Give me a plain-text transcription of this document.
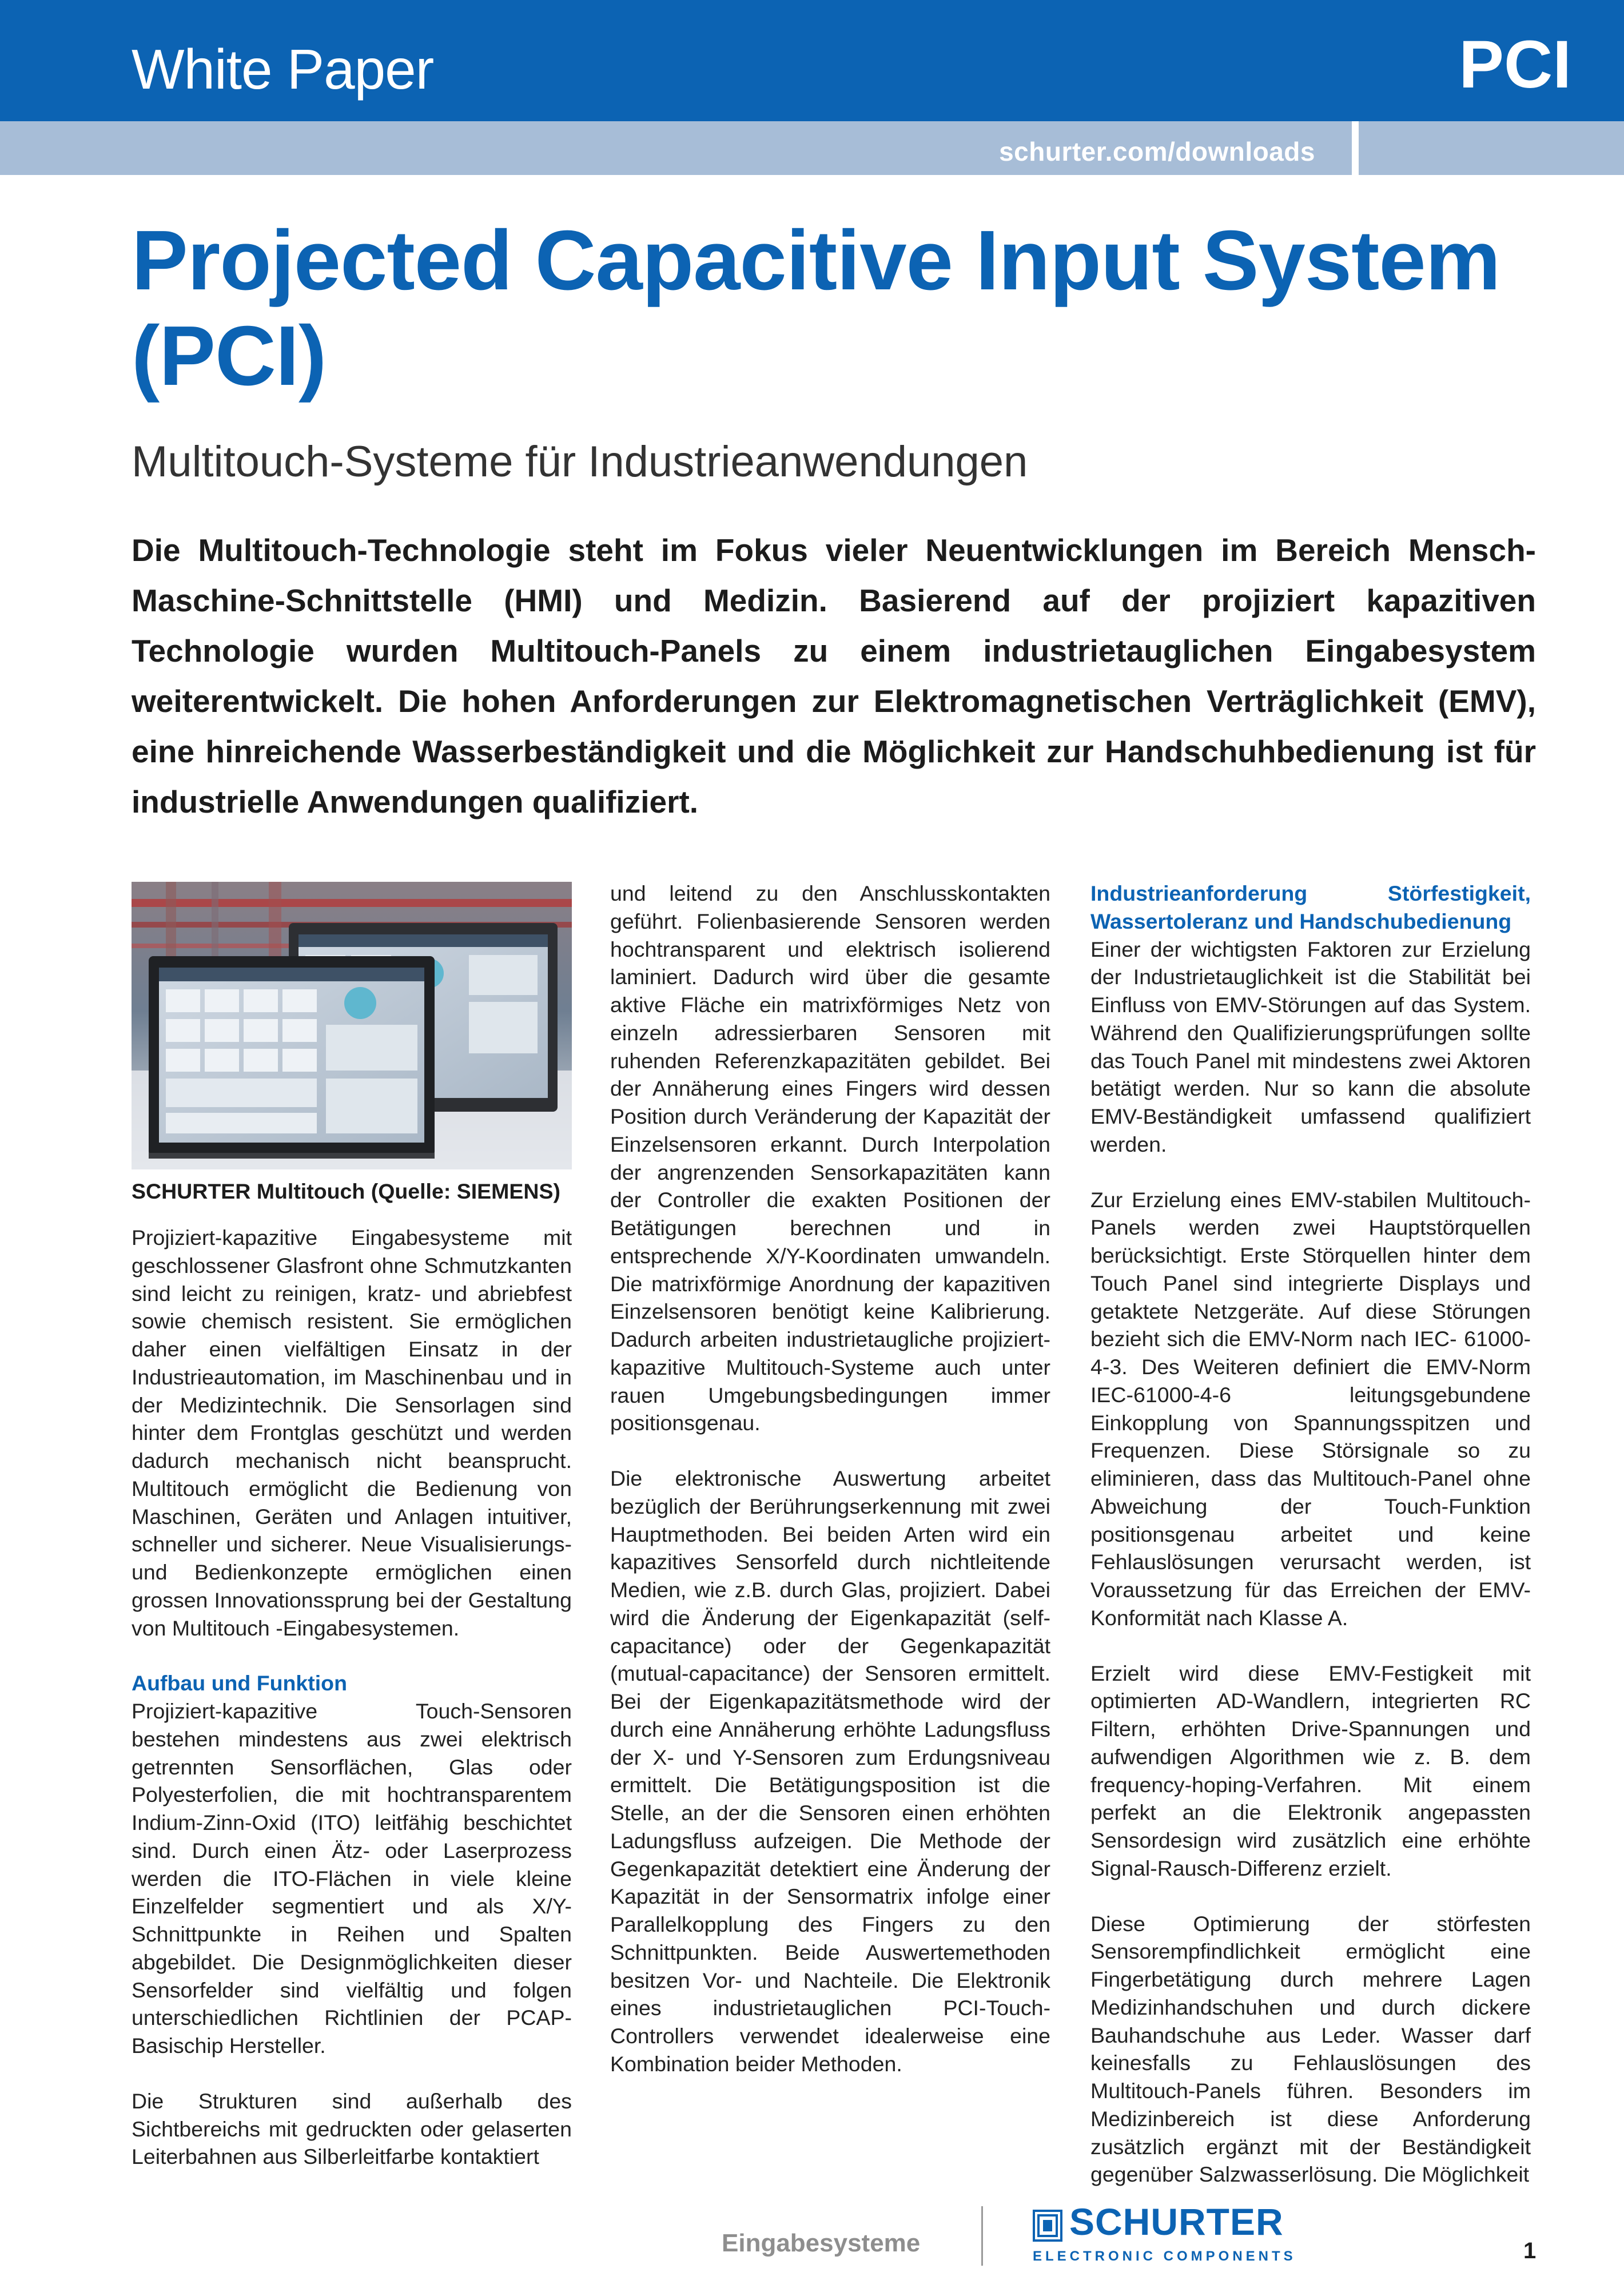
White Paper	PCI
schurter.com/downloads
Projected Capacitive Input System (PCI)
Multitouch-Systeme für Industrieanwendungen

Die Multitouch-Technologie steht im Fokus vieler Neuentwicklungen im Bereich Mensch-Maschine-Schnittstelle (HMI) und Medizin. Basierend auf der projiziert kapazitiven Technologie wurden Multitouch-Panels zu einem industrietauglichen Eingabesystem weiterentwickelt. Die hohen Anforderungen zur Elektromagnetischen Verträglichkeit (EMV), eine hinreichende Wasserbeständigkeit und die Möglichkeit zur Handschuhbedienung ist für industrielle Anwendungen qualifiziert.

SCHURTER Multitouch (Quelle: SIEMENS)

Projiziert-kapazitive Eingabesysteme mit geschlossener Glasfront ohne Schmutzkanten sind leicht zu reinigen, kratz- und abriebfest sowie chemisch resistent. Sie ermöglichen daher einen vielfältigen Einsatz in der Industrieautomation, im Maschinenbau und in der Medizintechnik. Die Sensorlagen sind hinter dem Frontglas geschützt und werden dadurch mechanisch nicht beansprucht. Multitouch ermöglicht die Bedienung von Maschinen, Geräten und Anlagen intuitiver, schneller und sicherer. Neue Visualisierungs- und Bedienkonzepte ermöglichen einen grossen Innovationssprung bei der Gestaltung von Multitouch -Eingabesystemen.

Aufbau und Funktion

Projiziert-kapazitive Touch-Sensoren bestehen mindestens aus zwei elektrisch getrennten Sensorflächen, Glas oder Polyesterfolien, die mit hochtransparentem Indium-Zinn-Oxid (ITO) leitfähig beschichtet sind. Durch einen Ätz- oder Laserprozess werden die ITO-Flächen in viele kleine Einzelfelder segmentiert und als X/Y-Schnittpunkte in Reihen und Spalten abgebildet. Die Designmöglichkeiten dieser Sensorfelder sind vielfältig und folgen unterschiedlichen Richtlinien der PCAP-Basischip Hersteller.

Die Strukturen sind außerhalb des Sichtbereichs mit gedruckten oder gelaserten Leiterbahnen aus Silberleitfarbe kontaktiert

und leitend zu den Anschlusskontakten geführt. Folienbasierende Sensoren werden hochtransparent und elektrisch isolierend laminiert. Dadurch wird über die gesamte aktive Fläche ein matrixförmiges Netz von einzeln adressierbaren Sensoren mit ruhenden Referenzkapazitäten gebildet. Bei der Annäherung eines Fingers wird dessen Position durch Veränderung der Kapazität der Einzelsensoren erkannt. Durch Interpolation der angrenzenden Sensorkapazitäten kann der Controller die exakten Positionen der Betätigungen berechnen und in entsprechende X/Y-Koordinaten umwandeln. Die matrixförmige Anordnung der kapazitiven Einzelsensoren benötigt keine Kalibrierung. Dadurch arbeiten industrietaugliche projiziert-kapazitive Multitouch-Systeme auch unter rauen Umgebungsbedingungen immer positionsgenau.

Die elektronische Auswertung arbeitet bezüglich der Berührungserkennung mit zwei Hauptmethoden. Bei beiden Arten wird ein kapazitives Sensorfeld durch nichtleitende Medien, wie z.B. durch Glas, projiziert. Dabei wird die Änderung der Eigenkapazität (self-capacitance) oder der Gegenkapazität (mutual-capacitance) der Sensoren ermittelt. Bei der Eigenkapazitätsmethode wird der durch eine Annäherung erhöhte Ladungsfluss der X- und Y-Sensoren zum Erdungsniveau ermittelt. Die Betätigungsposition ist die Stelle, an der die Sensoren einen erhöhten Ladungsfluss aufzeigen. Die Methode der Gegenkapazität detektiert eine Änderung der Kapazität in der Sensormatrix infolge einer Parallelkopplung des Fingers zu den Schnittpunkten. Beide Auswertemethoden besitzen Vor- und Nachteile. Die Elektronik eines industrietauglichen PCI-Touch-Controllers verwendet idealerweise eine Kombination beider Methoden.

Industrieanforderung Störfestigkeit, Wassertoleranz und Handschubedienung

Einer der wichtigsten Faktoren zur Erzielung der Industrietauglichkeit ist die Stabilität bei Einfluss von EMV-Störungen auf das System. Während den Qualifizierungsprüfungen sollte das Touch Panel mit mindestens zwei Aktoren betätigt werden. Nur so kann die absolute EMV-Beständigkeit umfassend qualifiziert werden.

Zur Erzielung eines EMV-stabilen Multitouch-Panels werden zwei Hauptstörquellen berücksichtigt. Erste Störquellen hinter dem Touch Panel sind integrierte Displays und getaktete Netzgeräte. Auf diese Störungen bezieht sich die EMV-Norm nach IEC- 61000-4-3. Des Weiteren definiert die EMV-Norm IEC-61000-4-6 leitungsgebundene Einkopplung von Spannungsspitzen und Frequenzen. Diese Störsignale so zu eliminieren, dass das Multitouch-Panel ohne Abweichung der Touch-Funktion positionsgenau arbeitet und keine Fehlauslösungen verursacht werden, ist Voraussetzung für das Erreichen der EMV-Konformität nach Klasse A.

Erzielt wird diese EMV-Festigkeit mit optimierten AD-Wandlern, integrierten RC Filtern, erhöhten Drive-Spannungen und aufwendigen Algorithmen wie z. B. dem frequency-hoping-Verfahren. Mit einem perfekt an die Elektronik angepassten Sensordesign wird zusätzlich eine erhöhte Signal-Rausch-Differenz erzielt.

Diese Optimierung der störfesten Sensorempfindlichkeit ermöglicht eine Fingerbetätigung durch mehrere Lagen Medizinhandschuhen und durch dickere Bauhandschuhe aus Leder. Wasser darf keinesfalls zu Fehlauslösungen des Multitouch-Panels führen. Besonders im Medizinbereich ist diese Anforderung zusätzlich ergänzt mit der Beständigkeit gegenüber Salzwasserlösung. Die Möglichkeit

Eingabesysteme
SCHURTER
ELECTRONIC COMPONENTS	1
